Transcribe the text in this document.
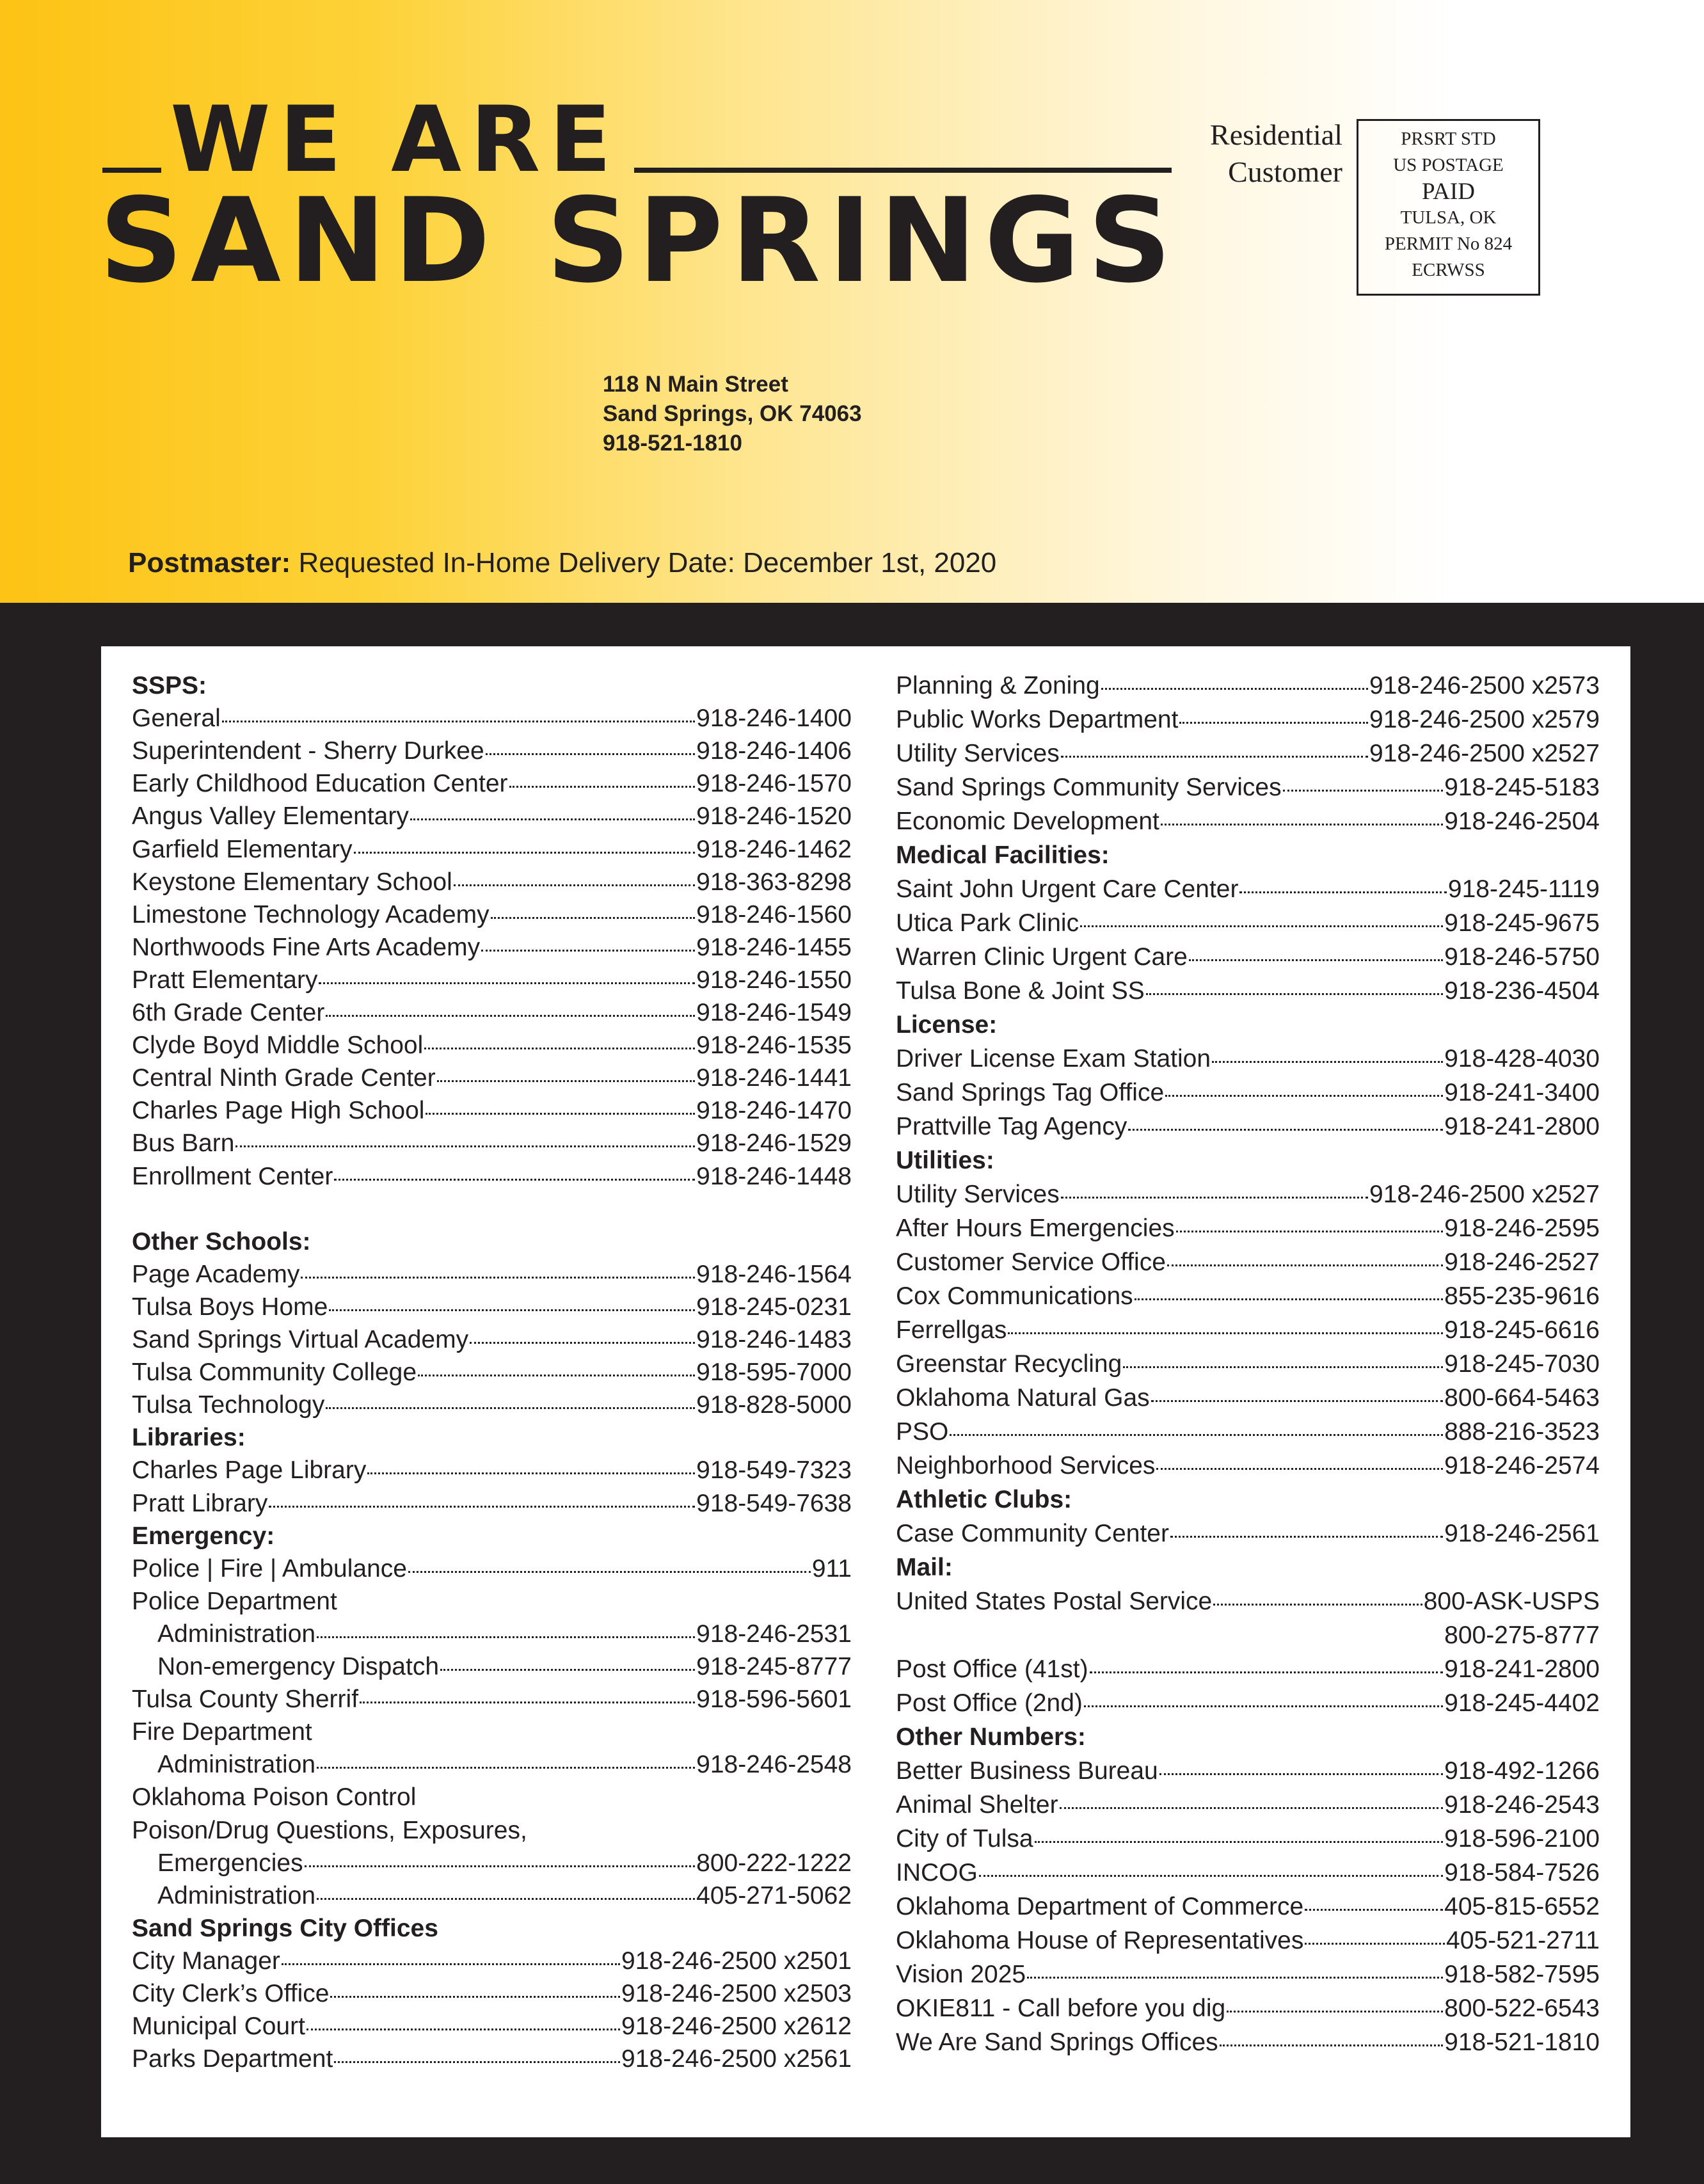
WE ARE
SAND SPRINGS
118 N Main Street
Sand Springs, OK 74063
918-521-1810
Residential
Customer
PRSRT STD
US POSTAGE
PAID
TULSA, OK
PERMIT No 824
ECRWSS
Postmaster: Requested In-Home Delivery Date: December 1st, 2020
SSPS:
General	918-246-1400
Superintendent - Sherry Durkee	918-246-1406
Early Childhood Education Center	918-246-1570
Angus Valley Elementary	918-246-1520
Garfield Elementary	918-246-1462
Keystone Elementary School	918-363-8298
Limestone Technology Academy	918-246-1560
Northwoods Fine Arts Academy	918-246-1455
Pratt Elementary	918-246-1550
6th Grade Center	918-246-1549
Clyde Boyd Middle School	918-246-1535
Central Ninth Grade Center	918-246-1441
Charles Page High School	918-246-1470
Bus Barn	918-246-1529
Enrollment Center	918-246-1448
Other Schools:
Page Academy	918-246-1564
Tulsa Boys Home	918-245-0231
Sand Springs Virtual Academy	918-246-1483
Tulsa Community College	918-595-7000
Tulsa Technology	918-828-5000
Libraries:
Charles Page Library	918-549-7323
Pratt Library	918-549-7638
Emergency:
Police | Fire | Ambulance	911
Police Department
Administration	918-246-2531
Non-emergency Dispatch	918-245-8777
Tulsa County Sherrif	918-596-5601
Fire Department
Administration	918-246-2548
Oklahoma Poison Control
Poison/Drug Questions, Exposures,
Emergencies	800-222-1222
Administration	405-271-5062
Sand Springs City Offices
City Manager	918-246-2500 x2501
City Clerk’s Office	918-246-2500 x2503
Municipal Court	918-246-2500 x2612
Parks Department	918-246-2500 x2561
Planning & Zoning	918-246-2500 x2573
Public Works Department	918-246-2500 x2579
Utility Services	918-246-2500 x2527
Sand Springs Community Services	918-245-5183
Economic Development	918-246-2504
Medical Facilities:
Saint John Urgent Care Center	918-245-1119
Utica Park Clinic	918-245-9675
Warren Clinic Urgent Care	918-246-5750
Tulsa Bone & Joint SS	918-236-4504
License:
Driver License Exam Station	918-428-4030
Sand Springs Tag Office	918-241-3400
Prattville Tag Agency	918-241-2800
Utilities:
Utility Services	918-246-2500 x2527
After Hours Emergencies	918-246-2595
Customer Service Office	918-246-2527
Cox Communications	855-235-9616
Ferrellgas	918-245-6616
Greenstar Recycling	918-245-7030
Oklahoma Natural Gas	800-664-5463
PSO	888-216-3523
Neighborhood Services	918-246-2574
Athletic Clubs:
Case Community Center	918-246-2561
Mail:
United States Postal Service	800-ASK-USPS
800-275-8777
Post Office (41st)	918-241-2800
Post Office (2nd)	918-245-4402
Other Numbers:
Better Business Bureau	918-492-1266
Animal Shelter	918-246-2543
City of Tulsa	918-596-2100
INCOG	918-584-7526
Oklahoma Department of Commerce	405-815-6552
Oklahoma House of Representatives	405-521-2711
Vision 2025	918-582-7595
OKIE811 - Call before you dig	800-522-6543
We Are Sand Springs Offices	918-521-1810
